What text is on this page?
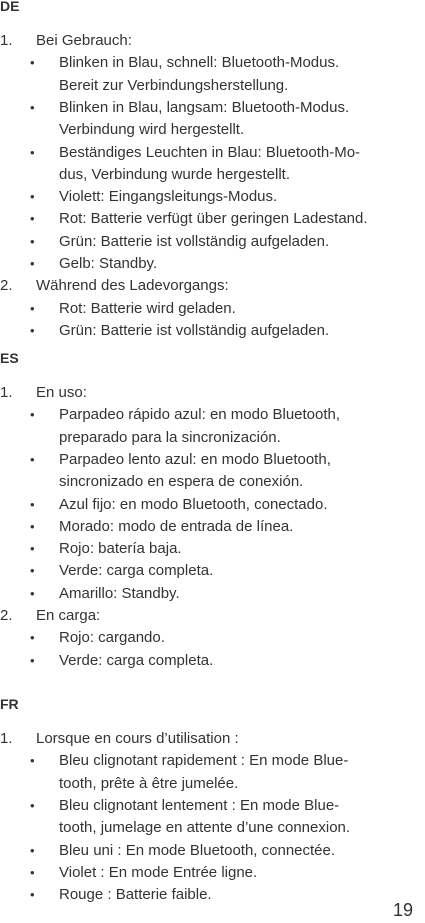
DE
1. Bei Gebrauch:
• Blinken in Blau, schnell: Bluetooth-Modus.
Bereit zur Verbindungsherstellung.
• Blinken in Blau, langsam: Bluetooth-Modus.
Verbindung wird hergestellt.
• Beständiges Leuchten in Blau: Bluetooth-Mo-
dus, Verbindung wurde hergestellt.
• Violett: Eingangsleitungs-Modus.
• Rot: Batterie verfügt über geringen Ladestand.
• Grün: Batterie ist vollständig aufgeladen.
• Gelb: Standby.
2. Während des Ladevorgangs:
• Rot: Batterie wird geladen.
• Grün: Batterie ist vollständig aufgeladen.
ES
1. En uso:
• Parpadeo rápido azul: en modo Bluetooth,
preparado para la sincronización.
• Parpadeo lento azul: en modo Bluetooth,
sincronizado en espera de conexión.
• Azul fijo: en modo Bluetooth, conectado.
• Morado: modo de entrada de línea.
• Rojo: batería baja.
• Verde: carga completa.
• Amarillo: Standby.
2. En carga:
• Rojo: cargando.
• Verde: carga completa.
FR
1. Lorsque en cours d’utilisation :
• Bleu clignotant rapidement : En mode Blue-
tooth, prête à être jumelée.
• Bleu clignotant lentement : En mode Blue-
tooth, jumelage en attente d’une connexion.
• Bleu uni : En mode Bluetooth, connectée.
• Violet : En mode Entrée ligne.
• Rouge : Batterie faible.
19
